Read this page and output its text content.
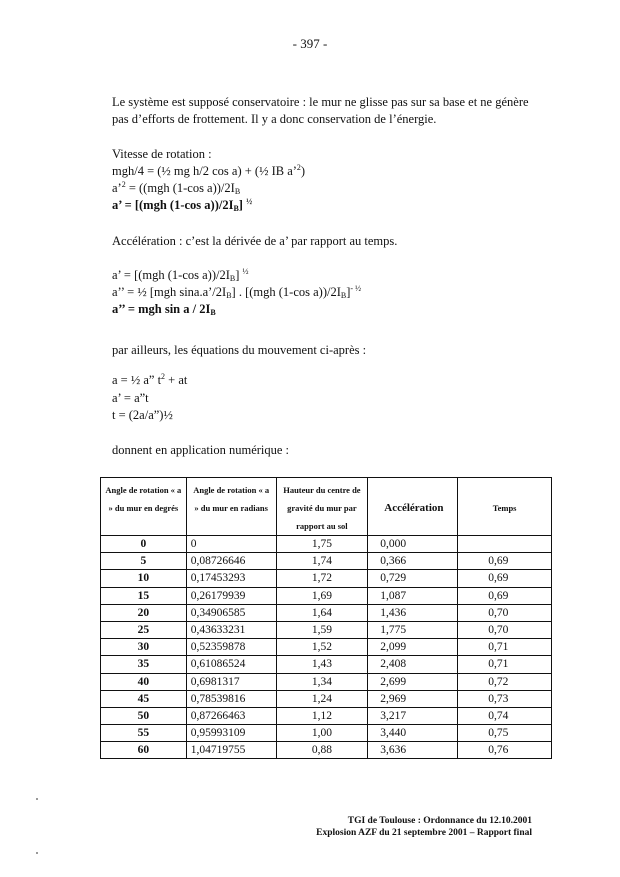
- 397 -
Le système est supposé conservatoire : le mur ne glisse pas sur sa base et ne génère
pas d’efforts de frottement. Il y a donc conservation de l’énergie.
Vitesse de rotation :
mgh/4 = (½ mg h/2 cos a) + (½ IB a’$^2$)
a’$^2$ = ((mgh (1-cos $a))/2I_B$
a’ = [(mgh (1-cos $a))/2I_B$] $^{\frac{1}{2}}$
Accélération : c’est la dérivée de a’ par rapport au temps.
a’ = [(mgh (1-cos $a))/2I_B$] $^{\frac{1}{2}}$
a’’ = ½ [mgh $\sin a.a’/2I_B$] . [(mgh (1-cos $a))/2I_B]^{- \frac{1}{2}}$
a’’ = mgh sin a / $2I_B$
par ailleurs, les équations du mouvement ci-après :
a = ½ a” $t^2$ + at
a’ = a”t
t = (2a/a”)½
donnent en application numérique :
Angle de rotation « a » du mur en degrés	Angle de rotation « a » du mur en radians	Hauteur du centre de gravité du mur par rapport au sol	Accélération	Temps
0	0	1,75	0,000	
5	0,08726646	1,74	0,366	0,69
10	0,17453293	1,72	0,729	0,69
15	0,26179939	1,69	1,087	0,69
20	0,34906585	1,64	1,436	0,70
25	0,43633231	1,59	1,775	0,70
30	0,52359878	1,52	2,099	0,71
35	0,61086524	1,43	2,408	0,71
40	0,6981317	1,34	2,699	0,72
45	0,78539816	1,24	2,969	0,73
50	0,87266463	1,12	3,217	0,74
55	0,95993109	1,00	3,440	0,75
60	1,04719755	0,88	3,636	0,76
TGI de Toulouse : Ordonnance du 12.10.2001
Explosion AZF du 21 septembre 2001 – Rapport final
